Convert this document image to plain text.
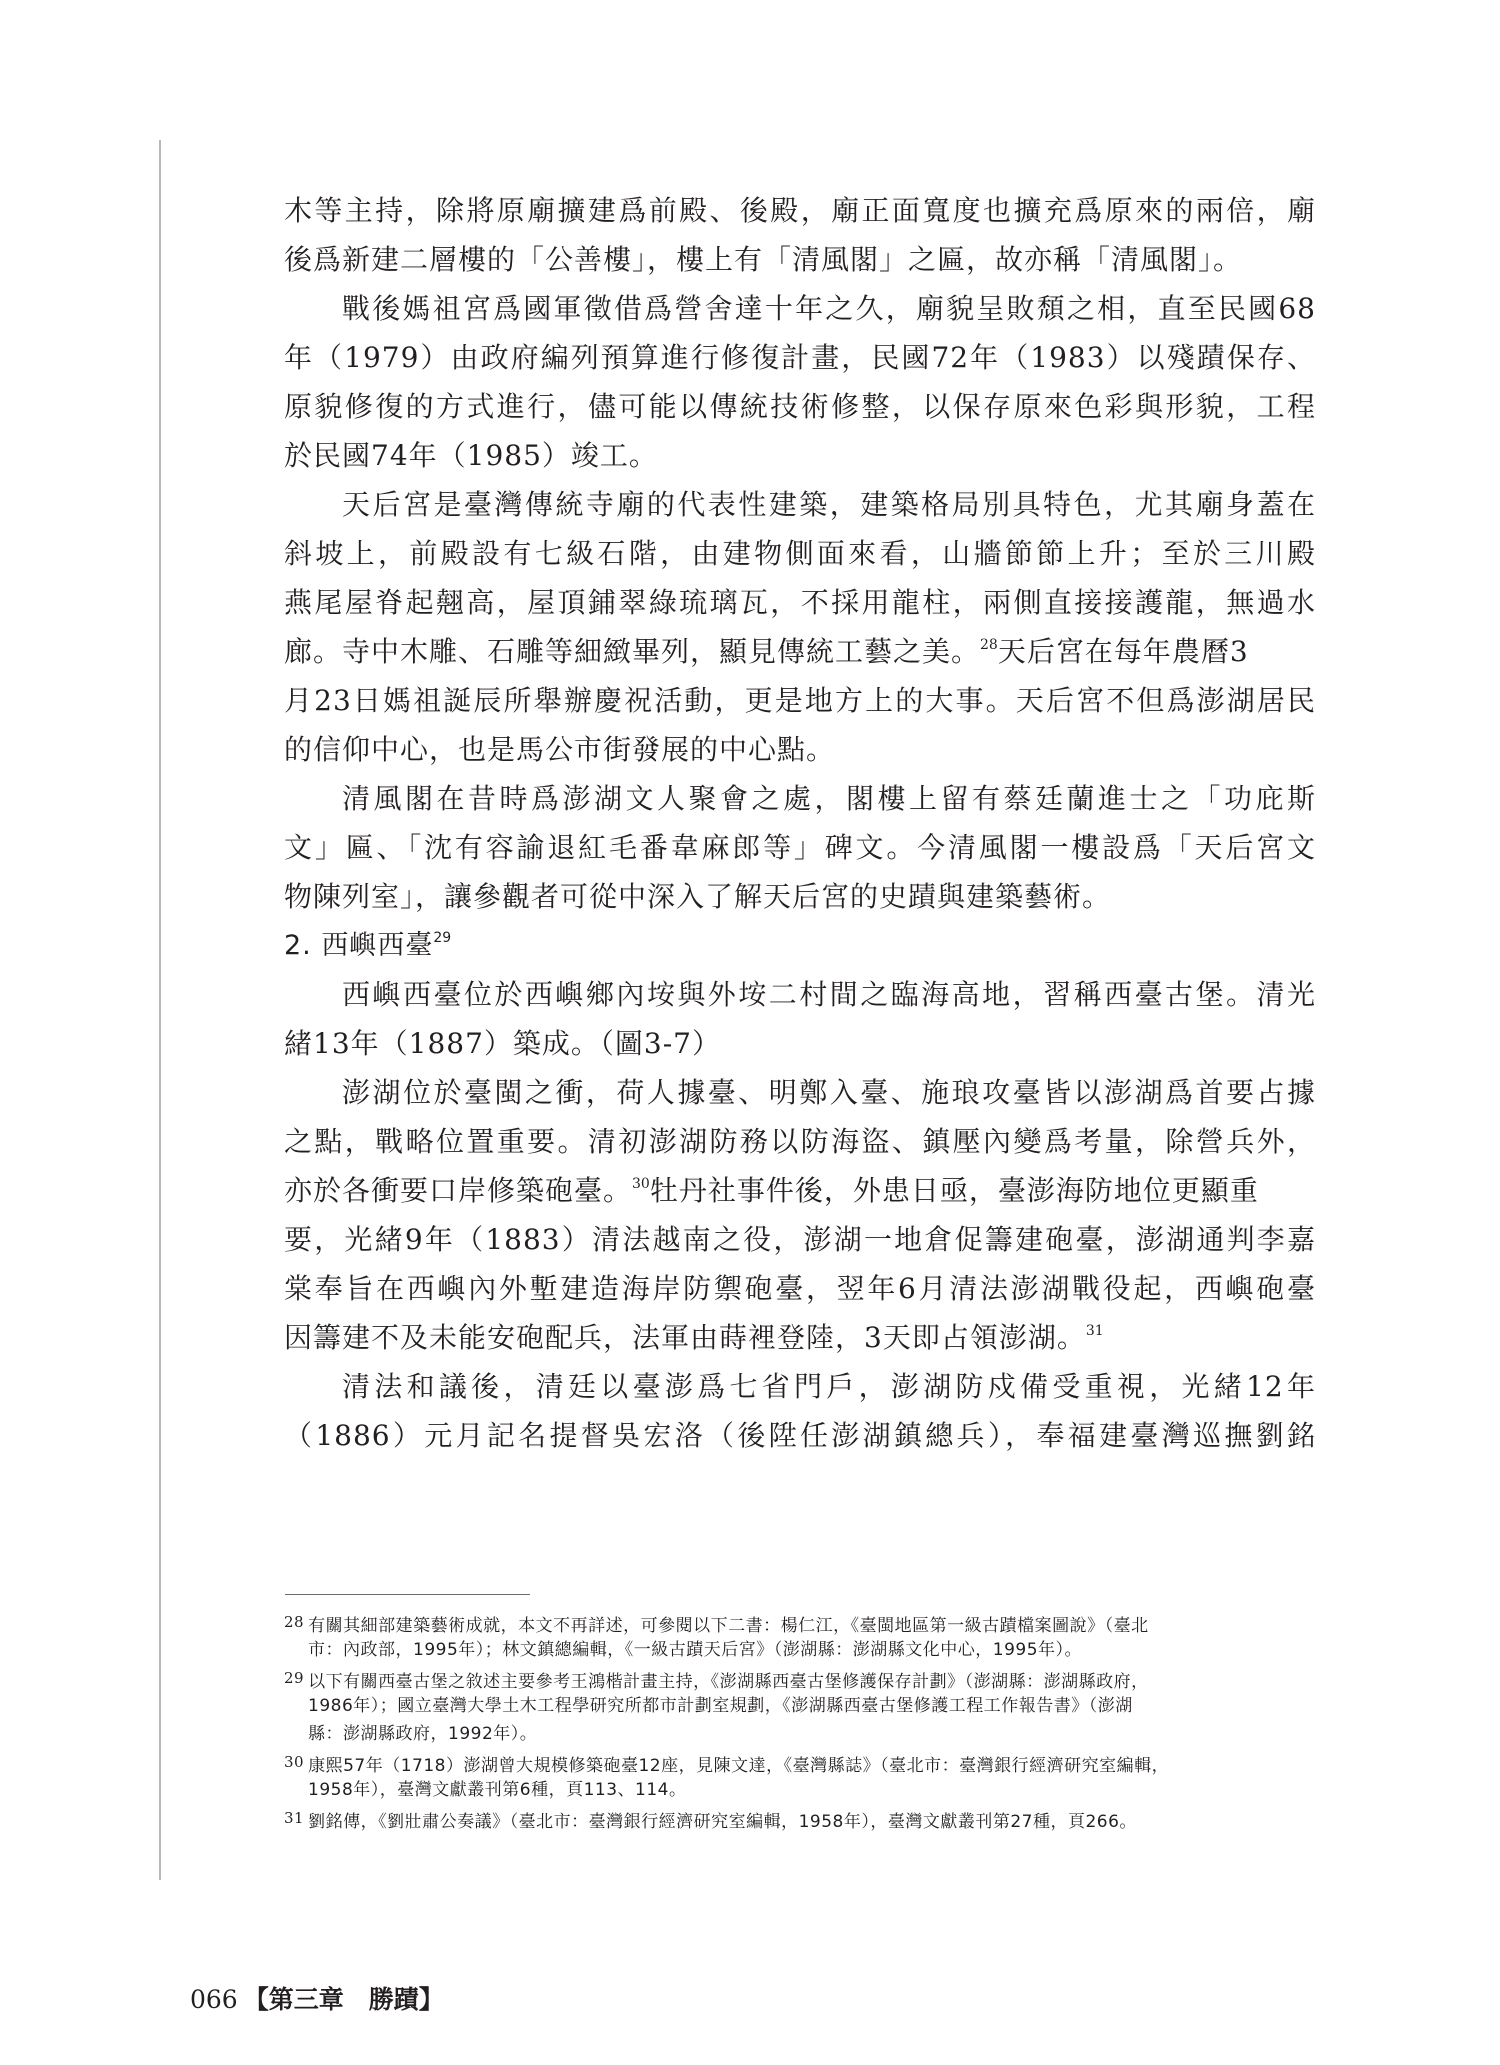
木等主持，除將原廟擴建爲前殿、後殿，廟正面寬度也擴充爲原來的兩倍，廟
後爲新建二層樓的「公善樓」，樓上有「清風閣」之匾，故亦稱「清風閣」。
戰後媽祖宮爲國軍徵借爲營舍達十年之久，廟貌呈敗頹之相，直至民國68
年（1979）由政府編列預算進行修復計畫，民國72年（1983）以殘蹟保存、
原貌修復的方式進行，儘可能以傳統技術修整，以保存原來色彩與形貌，工程
於民國74年（1985）竣工。
天后宮是臺灣傳統寺廟的代表性建築，建築格局別具特色，尤其廟身蓋在
斜坡上，前殿設有七級石階，由建物側面來看，山牆節節上升；至於三川殿
燕尾屋脊起翹高，屋頂鋪翠綠琉璃瓦，不採用龍柱，兩側直接接護龍，無過水
廊。寺中木雕、石雕等細緻畢列，顯見傳統工藝之美。$^{28}$天后宮在每年農曆3
月23日媽祖誕辰所舉辦慶祝活動，更是地方上的大事。天后宮不但爲澎湖居民
的信仰中心，也是馬公市街發展的中心點。
清風閣在昔時爲澎湖文人聚會之處，閣樓上留有蔡廷蘭進士之「功庇斯
文」匾、「沈有容諭退紅毛番韋麻郎等」碑文。今清風閣一樓設爲「天后宮文
物陳列室」，讓參觀者可從中深入了解天后宮的史蹟與建築藝術。
2. 西嶼西臺$^{29}$
西嶼西臺位於西嶼鄉內垵與外垵二村間之臨海高地，習稱西臺古堡。清光
緒13年（1887）築成。（圖3-7）
澎湖位於臺閩之衝，荷人據臺、明鄭入臺、施琅攻臺皆以澎湖爲首要占據
之點，戰略位置重要。清初澎湖防務以防海盜、鎮壓內變爲考量，除營兵外，
亦於各衝要口岸修築砲臺。$^{30}$牡丹社事件後，外患日亟，臺澎海防地位更顯重
要，光緒9年（1883）清法越南之役，澎湖一地倉促籌建砲臺，澎湖通判李嘉
棠奉旨在西嶼內外塹建造海岸防禦砲臺，翌年6月清法澎湖戰役起，西嶼砲臺
因籌建不及未能安砲配兵，法軍由蒔裡登陸，3天即占領澎湖。$^{31}$
清法和議後，清廷以臺澎爲七省門戶，澎湖防戍備受重視，光緒12年
（1886）元月記名提督吳宏洛（後陞任澎湖鎮總兵），奉福建臺灣巡撫劉銘
28 有關其細部建築藝術成就，本文不再詳述，可參閱以下二書：楊仁江，《臺閩地區第一級古蹟檔案圖說》（臺北
市：內政部，1995年）；林文鎮總編輯，《一級古蹟天后宮》（澎湖縣：澎湖縣文化中心，1995年）。
29 以下有關西臺古堡之敘述主要參考王鴻楷計畫主持，《澎湖縣西臺古堡修護保存計劃》（澎湖縣：澎湖縣政府，
1986年）；國立臺灣大學土木工程學研究所都市計劃室規劃，《澎湖縣西臺古堡修護工程工作報告書》（澎湖
縣：澎湖縣政府，1992年）。
30 康熙57年（1718）澎湖曾大規模修築砲臺12座，見陳文達，《臺灣縣誌》（臺北市：臺灣銀行經濟研究室編輯，
1958年），臺灣文獻叢刊第6種，頁113、114。
31 劉銘傳，《劉壯肅公奏議》（臺北市：臺灣銀行經濟研究室編輯，1958年），臺灣文獻叢刊第27種，頁266。
066 【第三章　勝蹟】
